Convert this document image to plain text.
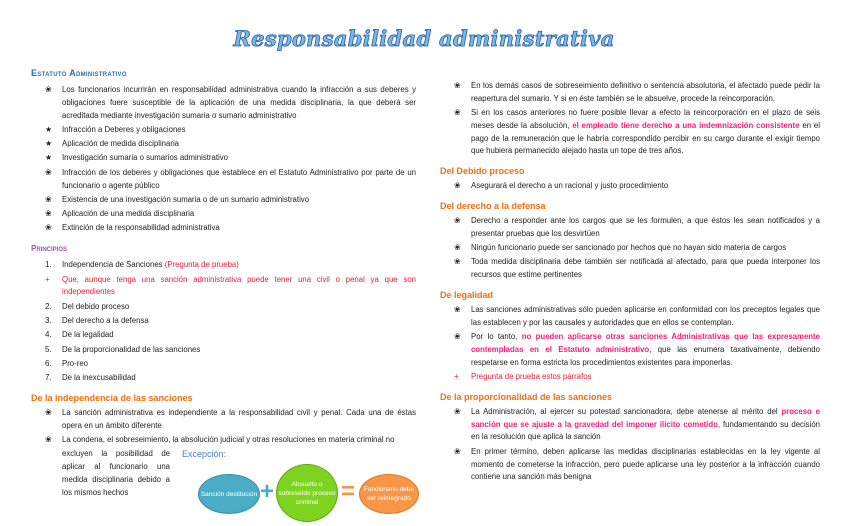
Responsabilidad administrativa
Estatuto Administrativo
❀ Los funcionarios incurrirán en responsabilidad administrativa cuando la infracción a sus deberes y obligaciones fuere susceptible de la aplicación de una medida disciplinaria, la que deberá ser acreditada mediante investigación sumaria o sumario administrativo
★ Infracción a Deberes y obligaciones
★ Aplicación de medida disciplinaria
★ Investigación sumaria o sumarios administrativo
❀ Infracción de los deberes y obligaciones que establece en el Estatuto Administrativo por parte de un funcionario o agente público
❀ Existencia de una investigación sumaria o de un sumario administrativo
❀ Aplicación de una medida disciplinaria
❀ Extinción de la responsabilidad administrativa
Principios
1. Independencia de Sanciones (Pregunta de prueba)
+ Que, aunque tenga una sanción administrativa puede tener una civil o penal ya que son independientes
2. Del debido proceso
3. Del derecho a la defensa
4. De la legalidad
5. De la proporcionalidad de las sanciones
6. Pro-reo
7. De la inexcusabilidad
De la independencia de las sanciones
❀ La sanción administrativa es independiente a la responsabilidad civil y penal. Cada una de éstas opera en un ámbito diferente
❀ La condena, el sobreseimiento, la absolución judicial y otras resoluciones en materia criminal no
excluyen la posibilidad de aplicar al funcionario una medida disciplinaria debido a los mismos hechos
Excepción:
Sanción destitución +	Absuelto o sobreseído proceso criminal =	Funcionario debe ser reintegrado
❀ En los demás casos de sobreseimiento definitivo o sentencia absolutoria, el afectado puede pedir la reapertura del sumario. Y si en éste también se le absuelve, procede la reincorporación.
❀ Si en los casos anteriores no fuere posible llevar a efecto la reincorporación en el plazo de seis meses desde la absolución, el empleado tiene derecho a una indemnización consistente en el pago de la remuneración que le habría correspondido percibir en su cargo durante el exigir tiempo que hubiera permanecido alejado hasta un tope de tres años.
Del Debido proceso
❀ Asegurará el derecho a un racional y justo procedimiento
Del derecho a la defensa
❀ Derecho a responder ante los cargos que se les formulen, a que éstos les sean notificados y a presentar pruebas que los desvirtúen
❀ Ningún funcionario puede ser sancionado por hechos que no hayan sido materia de cargos
❀ Toda medida disciplinaria debe también ser notificada al afectado, para que pueda interponer los recursos que estime pertinentes
De legalidad
❀ Las sanciones administrativas sólo pueden aplicarse en conformidad con los preceptos legales que las establecen y por las causales y autoridades que en ellos se contemplan.
❀ Por lo tanto, no pueden aplicarse otras sanciones Administrativas que las expresamente contempladas en el Estatuto administrativo, que las enumera taxativamente, debiendo respetarse en forma estricta los procedimientos existentes para imponerlas.
+ Pregunta de prueba estos párrafos
De la proporcionalidad de las sanciones
❀ La Administración, al ejercer su potestad sancionadora, debe atenerse al mérito del proceso e sanción que se ajuste a la gravedad del imponer ilícito cometido, fundamentando su decisión en la resolución que aplica la sanción
❀ En primer término, deben aplicarse las medidas disciplinarias establecidas en la ley vigente al momento de cometerse la infracción, pero puede aplicarse una ley posterior a la infracción cuando contiene una sanción más benigna
